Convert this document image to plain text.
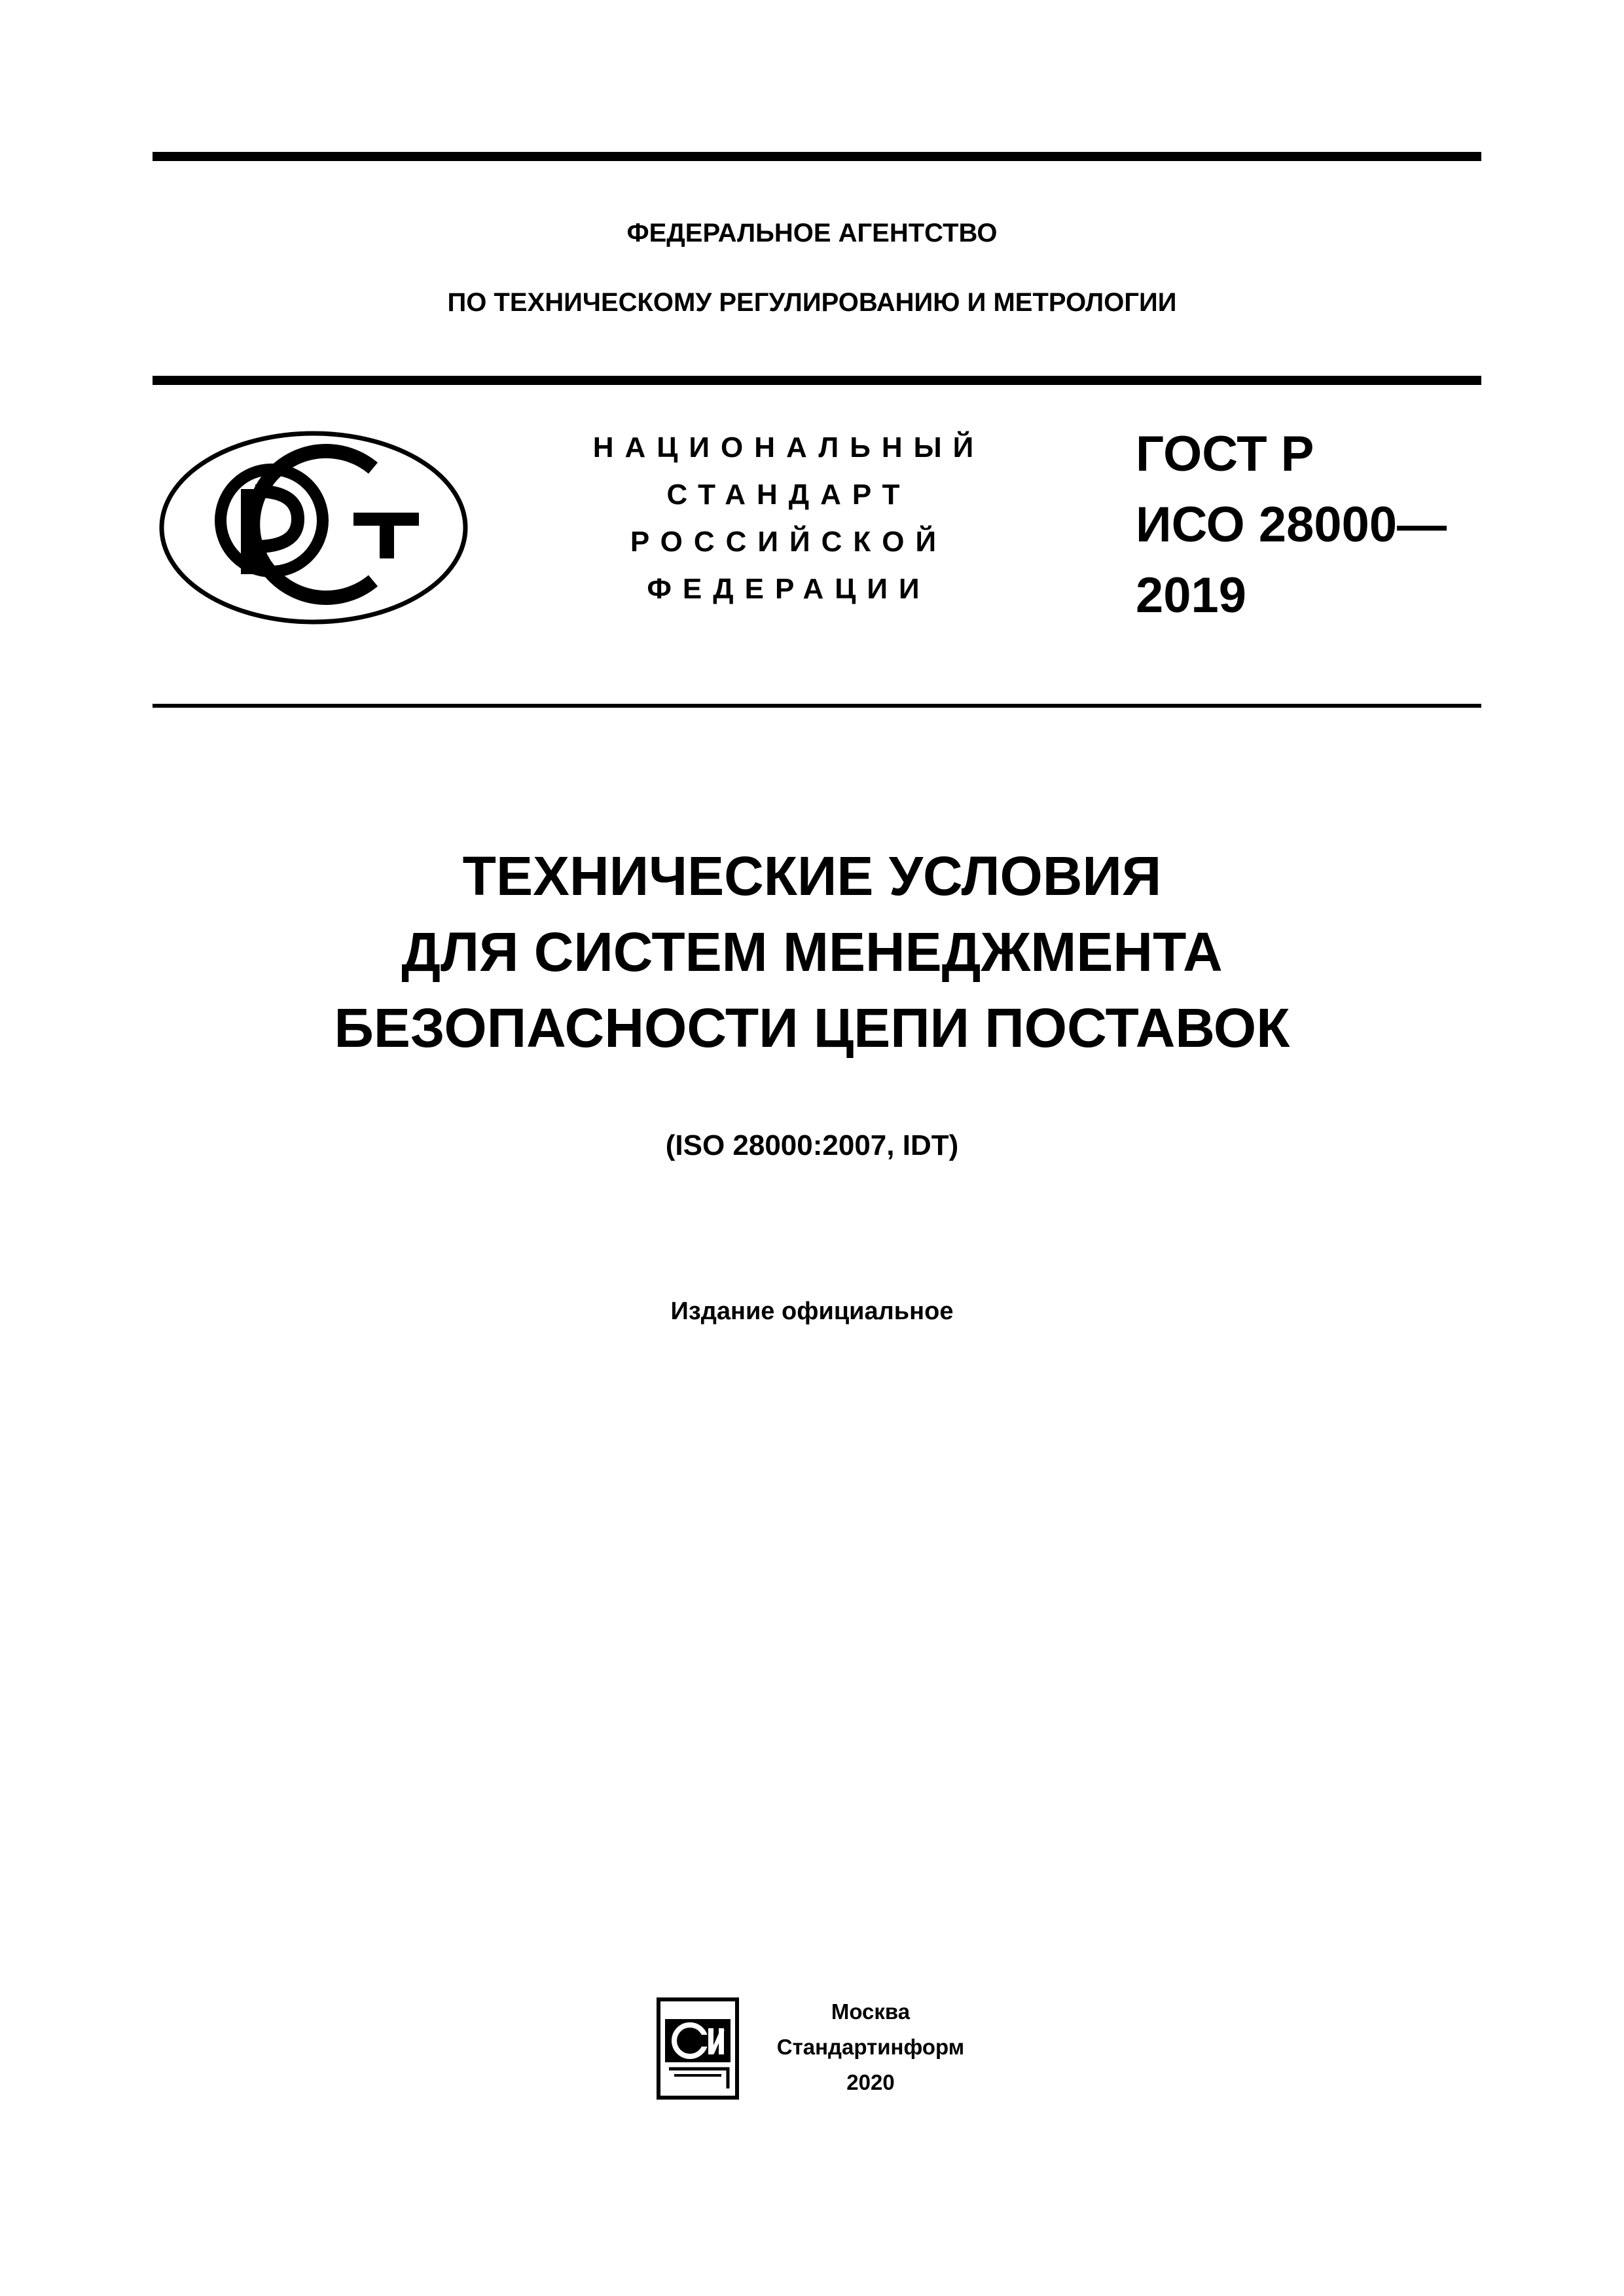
ФЕДЕРАЛЬНОЕ АГЕНТСТВО
ПО ТЕХНИЧЕСКОМУ РЕГУЛИРОВАНИЮ И МЕТРОЛОГИИ
РСТ
НАЦИОНАЛЬНЫЙ
СТАНДАРТ
РОССИЙСКОЙ
ФЕДЕРАЦИИ
ГОСТ Р
ИСО 28000—
2019
ТЕХНИЧЕСКИЕ УСЛОВИЯ
ДЛЯ СИСТЕМ МЕНЕДЖМЕНТА
БЕЗОПАСНОСТИ ЦЕПИ ПОСТАВОК
(ISO 28000:2007, IDT)
Издание официальное
Москва
Стандартинформ
2020
